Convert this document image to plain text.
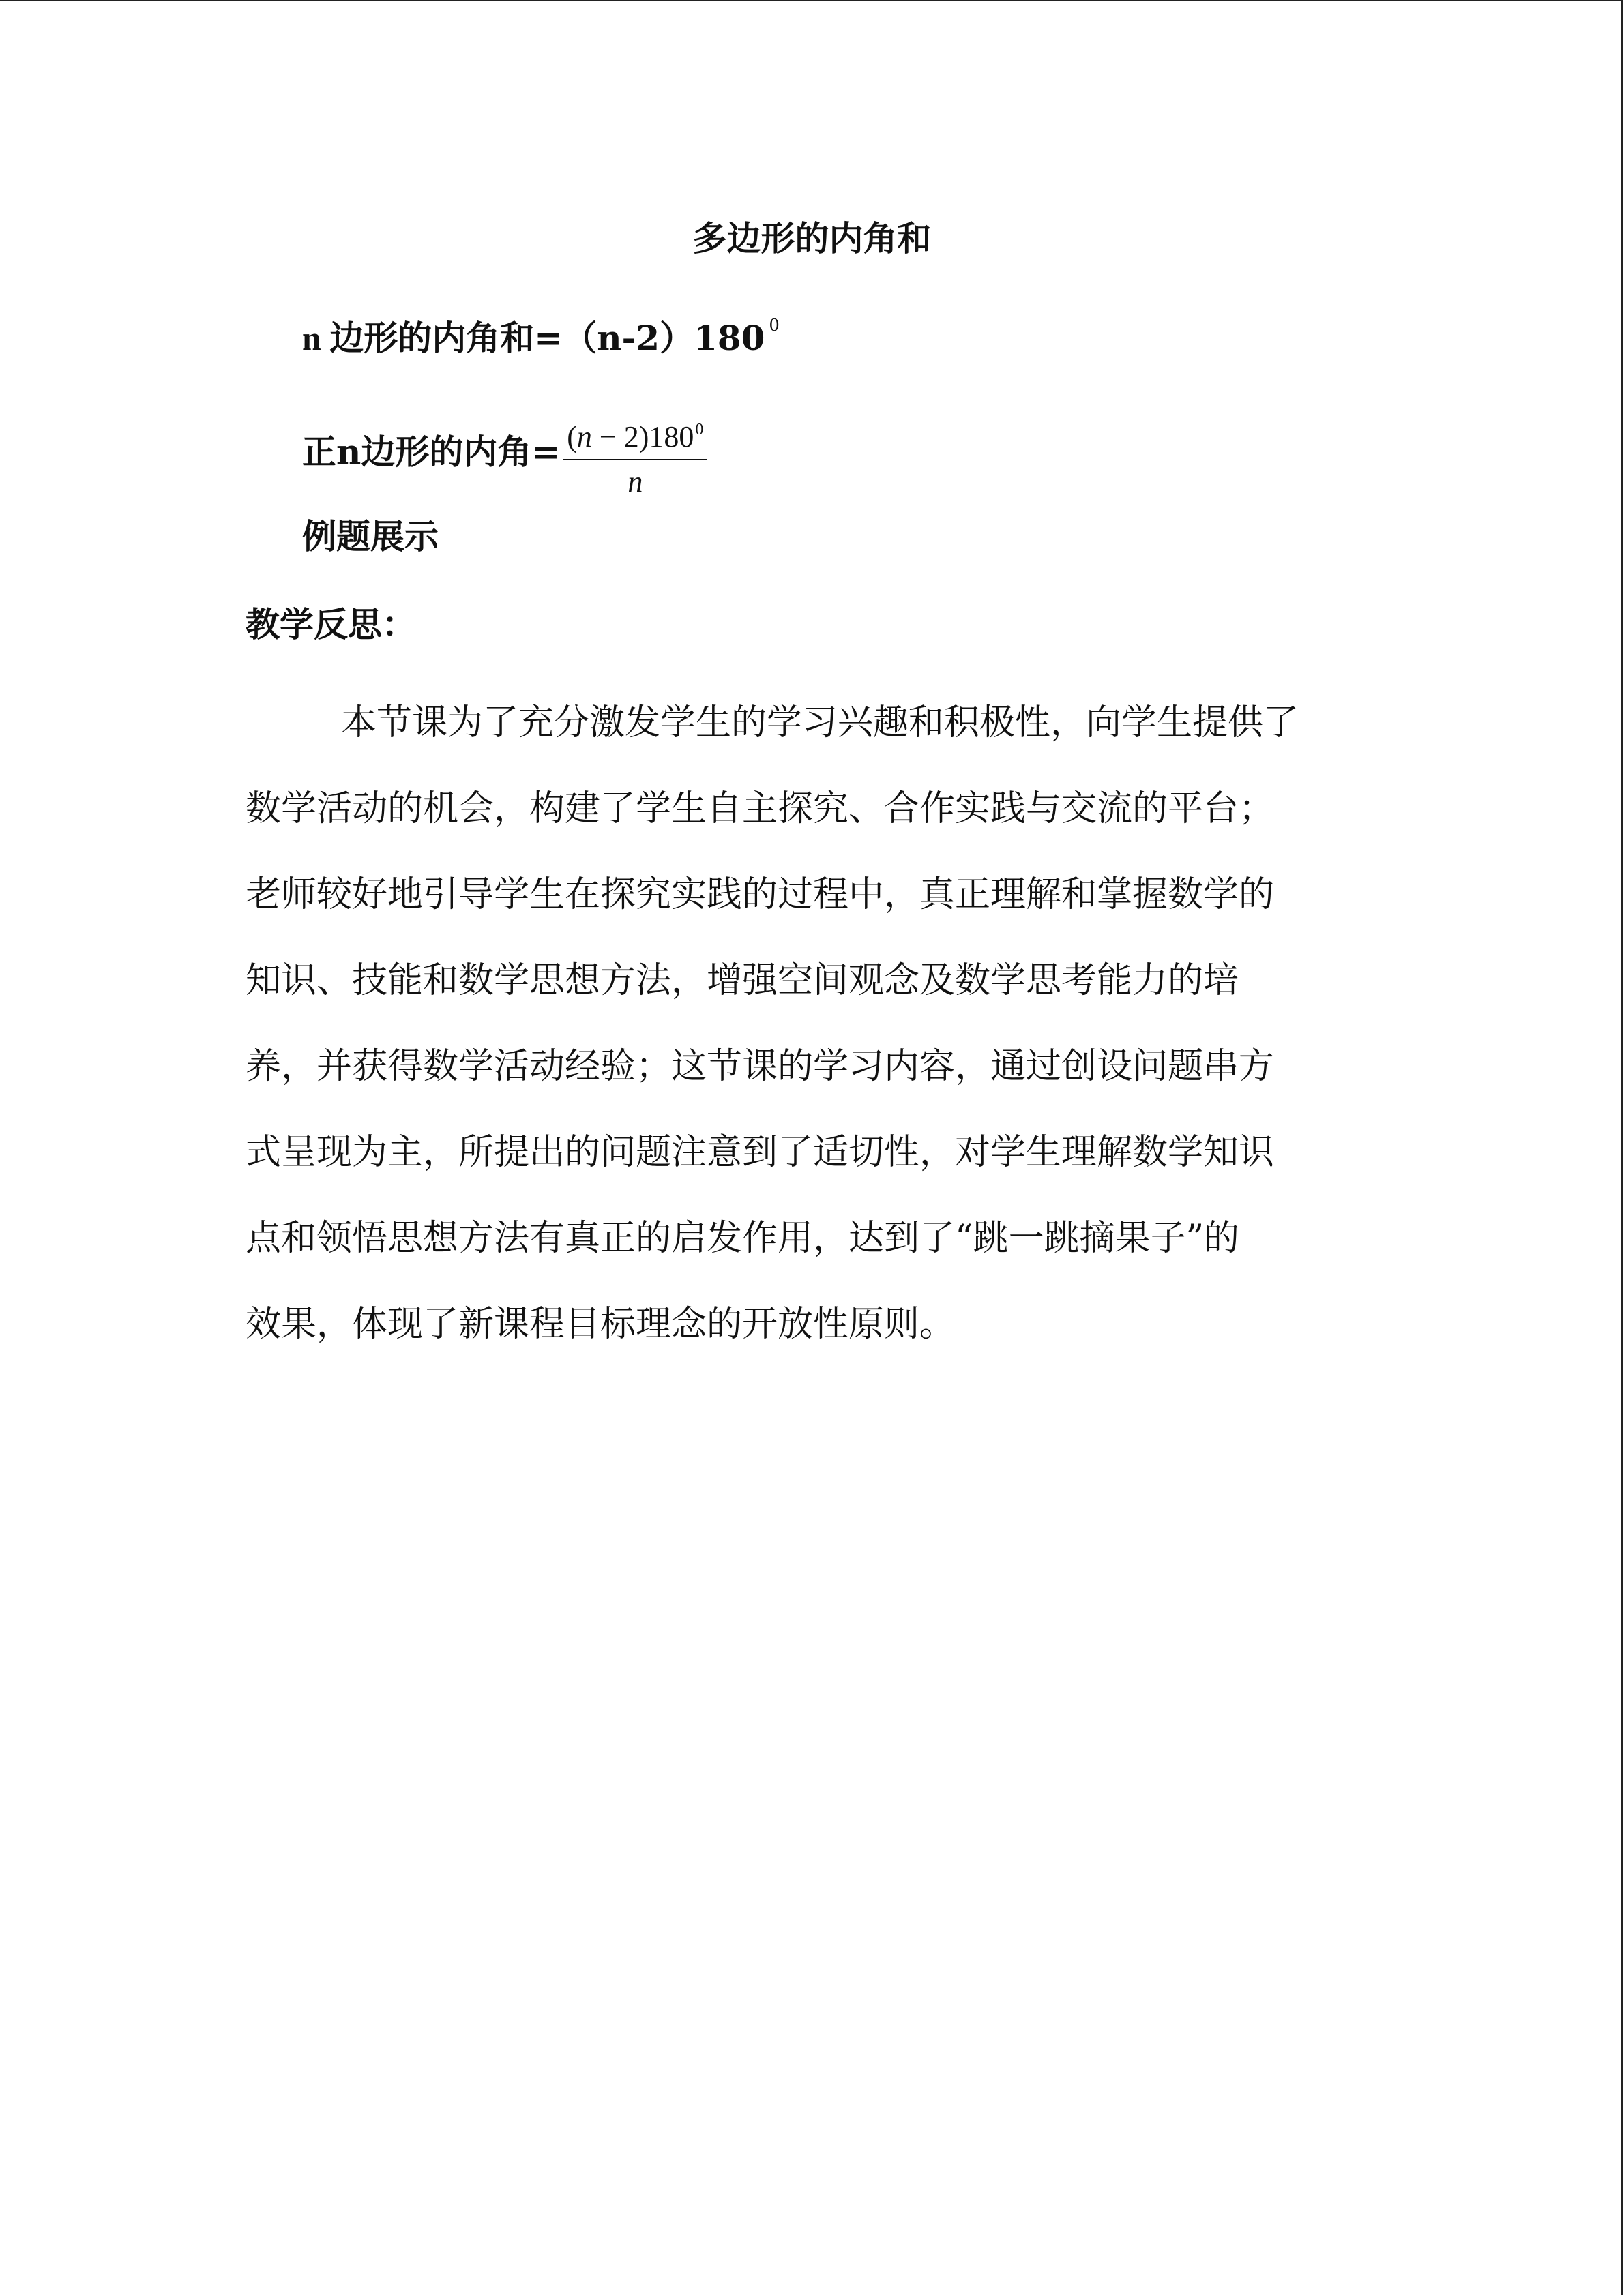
多边形的内角和
n 边形的内角和=（n-2）180 $^0$
正 n 边形的内角= $\frac{(n - 2)180^0}{n}$
例题展示
教学反思：

本节课为了充分激发学生的学习兴趣和积极性，向学生提供了

数学活动的机会，构建了学生自主探究、合作实践与交流的平台；

老师较好地引导学生在探究实践的过程中，真正理解和掌握数学的

知识、技能和数学思想方法，增强空间观念及数学思考能力的培

养，并获得数学活动经验；这节课的学习内容，通过创设问题串方

式呈现为主，所提出的问题注意到了适切性，对学生理解数学知识

点和领悟思想方法有真正的启发作用，达到了“跳一跳摘果子”的

效果，体现了新课程目标理念的开放性原则。
